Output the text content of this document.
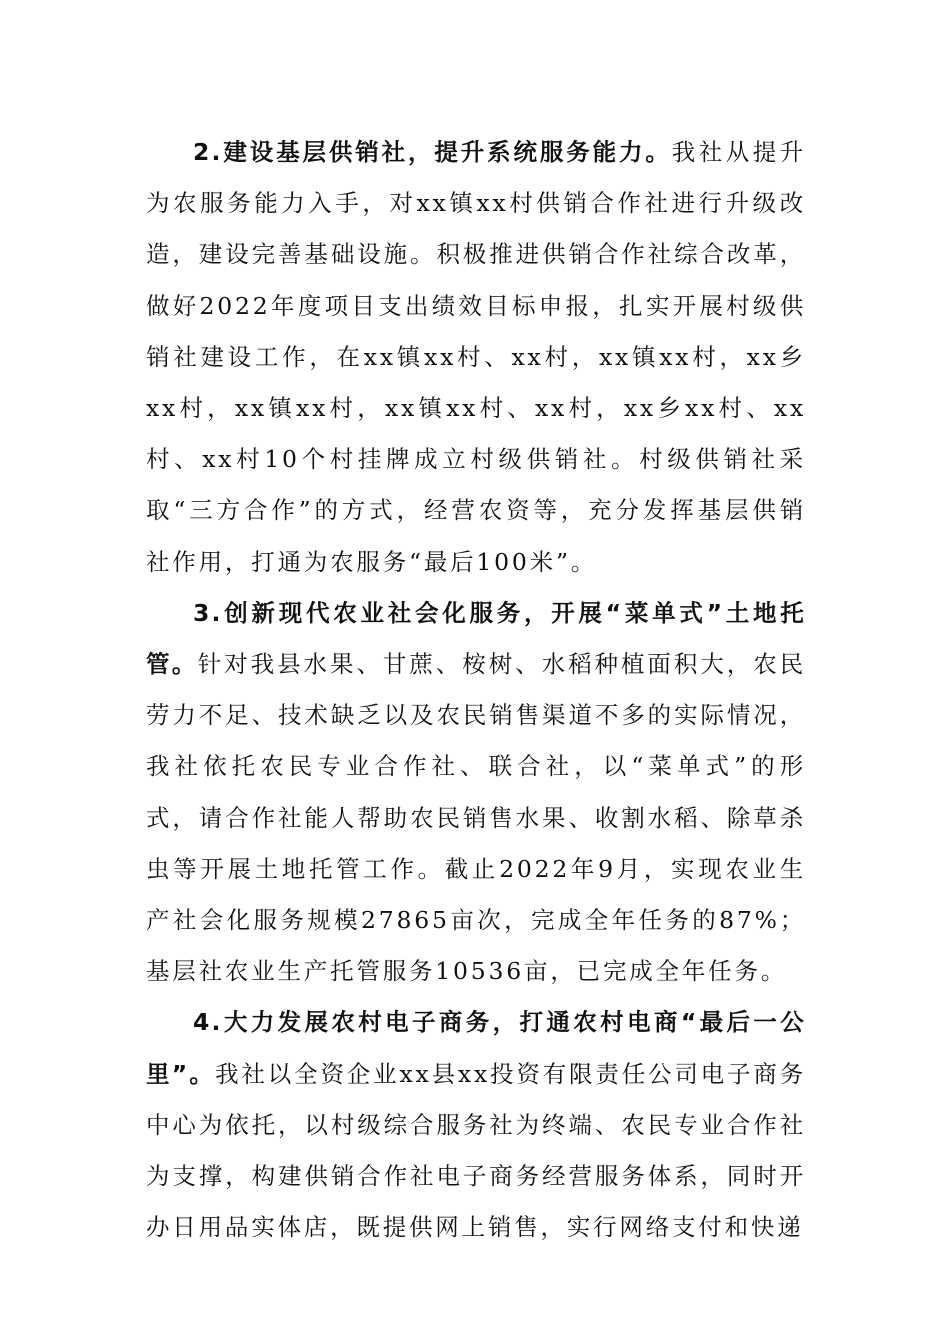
2.建设基层供销社，提升系统服务能力。我社从提升为农服务能力入手，对xx镇xx村供销合作社进行升级改造，建设完善基础设施。积极推进供销合作社综合改革，做好2022年度项目支出绩效目标申报，扎实开展村级供销社建设工作，在xx镇xx村、xx村，xx镇xx村，xx乡xx村，xx镇xx村，xx镇xx村、xx村，xx乡xx村、xx村、xx村10个村挂牌成立村级供销社。村级供销社采取“三方合作”的方式，经营农资等，充分发挥基层供销社作用，打通为农服务“最后100米”。

3.创新现代农业社会化服务，开展“菜单式”土地托管。针对我县水果、甘蔗、桉树、水稻种植面积大，农民劳力不足、技术缺乏以及农民销售渠道不多的实际情况，我社依托农民专业合作社、联合社，以“菜单式”的形式，请合作社能人帮助农民销售水果、收割水稻、除草杀虫等开展土地托管工作。截止2022年9月，实现农业生产社会化服务规模27865亩次，完成全年任务的87%；基层社农业生产托管服务10536亩，已完成全年任务。

4.大力发展农村电子商务，打通农村电商“最后一公里”。我社以全资企业xx县xx投资有限责任公司电子商务中心为依托，以村级综合服务社为终端、农民专业合作社为支撑，构建供销合作社电子商务经营服务体系，同时开办日用品实体店，既提供网上销售，实行网络支付和快递
